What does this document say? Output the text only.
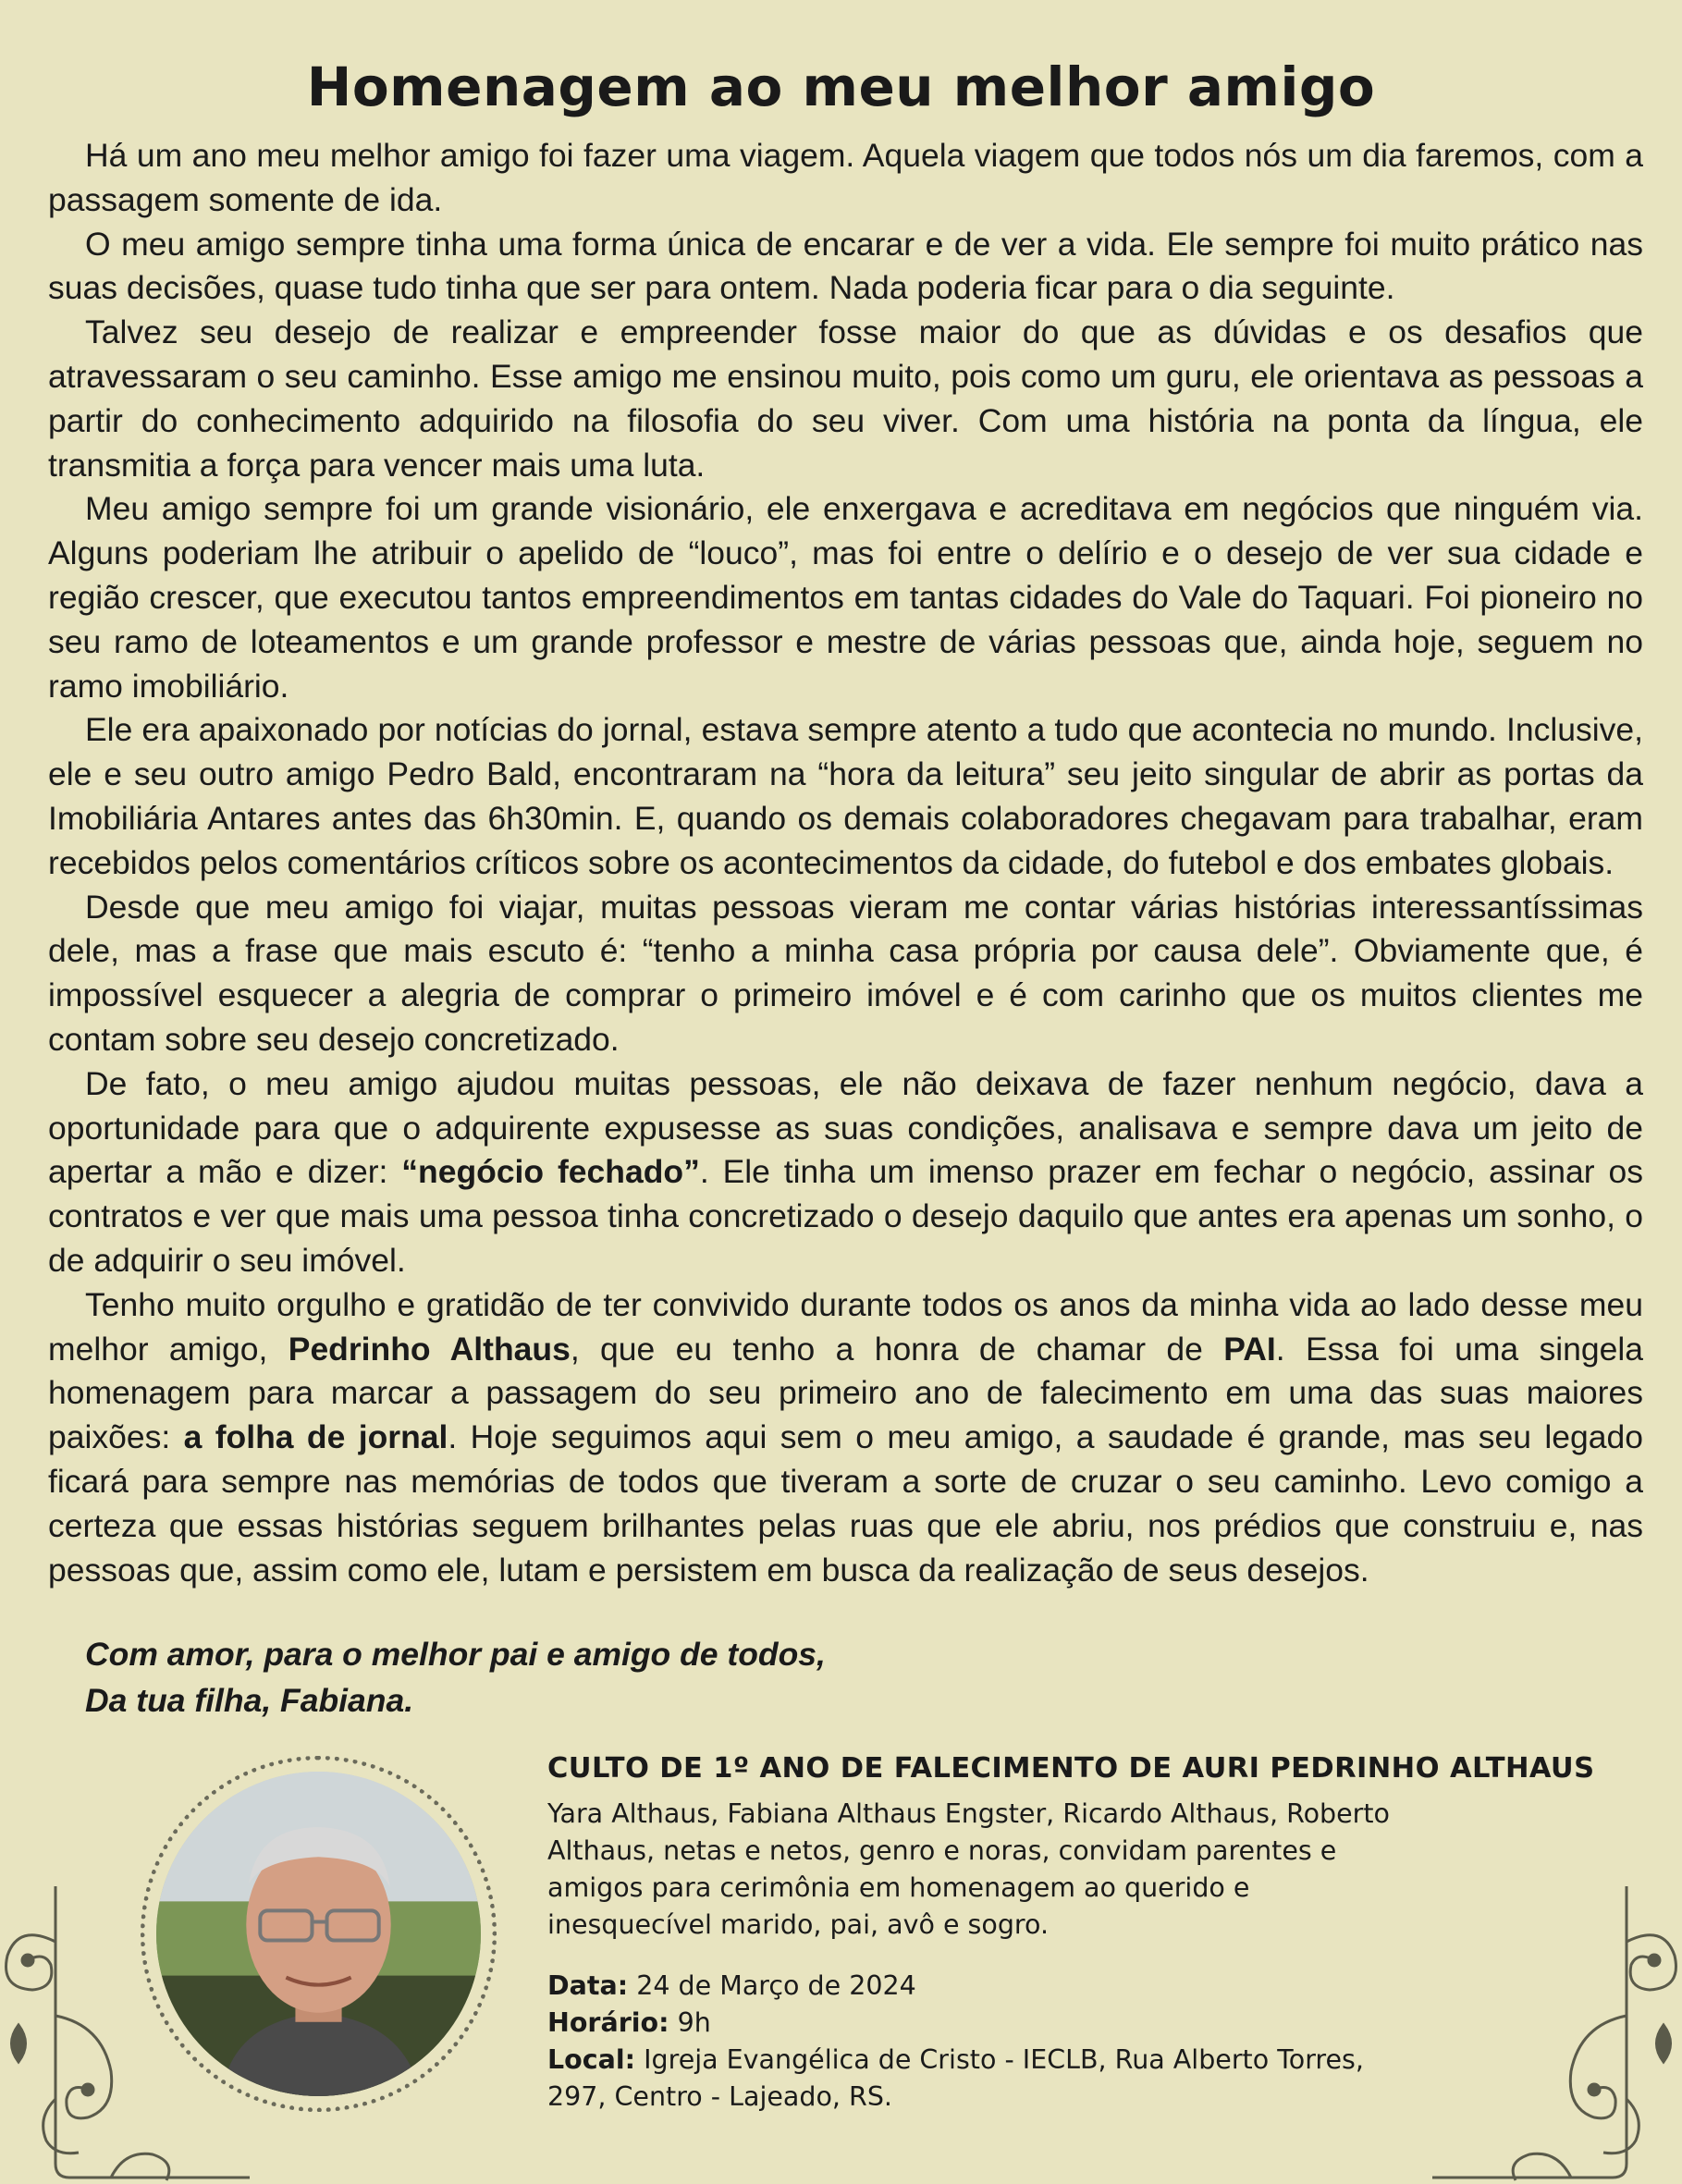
Homenagem ao meu melhor amigo

Há um ano meu melhor amigo foi fazer uma viagem. Aquela viagem que todos nós um dia faremos, com a passagem somente de ida.

O meu amigo sempre tinha uma forma única de encarar e de ver a vida. Ele sempre foi muito prático nas suas decisões, quase tudo tinha que ser para ontem. Nada poderia ficar para o dia seguinte.

Talvez seu desejo de realizar e empreender fosse maior do que as dúvidas e os desafios que atravessaram o seu caminho. Esse amigo me ensinou muito, pois como um guru, ele orientava as pessoas a partir do conhecimento adquirido na filosofia do seu viver. Com uma história na ponta da língua, ele transmitia a força para vencer mais uma luta.

Meu amigo sempre foi um grande visionário, ele enxergava e acreditava em negócios que ninguém via. Alguns poderiam lhe atribuir o apelido de “louco”, mas foi entre o delírio e o desejo de ver sua cidade e região crescer, que executou tantos empreendimentos em tantas cidades do Vale do Taquari. Foi pioneiro no seu ramo de loteamentos e um grande professor e mestre de várias pessoas que, ainda hoje, seguem no ramo imobiliário.

Ele era apaixonado por notícias do jornal, estava sempre atento a tudo que acontecia no mundo. Inclusive, ele e seu outro amigo Pedro Bald, encontraram na “hora da leitura” seu jeito singular de abrir as portas da Imobiliária Antares antes das 6h30min. E, quando os demais colaboradores chegavam para trabalhar, eram recebidos pelos comentários críticos sobre os acontecimentos da cidade, do futebol e dos embates globais.

Desde que meu amigo foi viajar, muitas pessoas vieram me contar várias histórias interessantíssimas dele, mas a frase que mais escuto é: “tenho a minha casa própria por causa dele”. Obviamente que, é impossível esquecer a alegria de comprar o primeiro imóvel e é com carinho que os muitos clientes me contam sobre seu desejo concretizado.

De fato, o meu amigo ajudou muitas pessoas, ele não deixava de fazer nenhum negócio, dava a oportunidade para que o adquirente expusesse as suas condições, analisava e sempre dava um jeito de apertar a mão e dizer: “negócio fechado”. Ele tinha um imenso prazer em fechar o negócio, assinar os contratos e ver que mais uma pessoa tinha concretizado o desejo daquilo que antes era apenas um sonho, o de adquirir o seu imóvel.

Tenho muito orgulho e gratidão de ter convivido durante todos os anos da minha vida ao lado desse meu melhor amigo, Pedrinho Althaus, que eu tenho a honra de chamar de PAI. Essa foi uma singela homenagem para marcar a passagem do seu primeiro ano de falecimento em uma das suas maiores paixões: a folha de jornal. Hoje seguimos aqui sem o meu amigo, a saudade é grande, mas seu legado ficará para sempre nas memórias de todos que tiveram a sorte de cruzar o seu caminho. Levo comigo a certeza que essas histórias seguem brilhantes pelas ruas que ele abriu, nos prédios que construiu e, nas pessoas que, assim como ele, lutam e persistem em busca da realização de seus desejos.

Com amor, para o melhor pai e amigo de todos,
Da tua filha, Fabiana.
CULTO DE 1º ANO DE FALECIMENTO DE AURI PEDRINHO ALTHAUS

Yara Althaus, Fabiana Althaus Engster, Ricardo Althaus, Roberto Althaus, netas e netos, genro e noras, convidam parentes e amigos para cerimônia em homenagem ao querido e inesquecível marido, pai, avô e sogro.

Data: 24 de Março de 2024
Horário: 9h
Local: Igreja Evangélica de Cristo - IECLB, Rua Alberto Torres, 297, Centro - Lajeado, RS.
